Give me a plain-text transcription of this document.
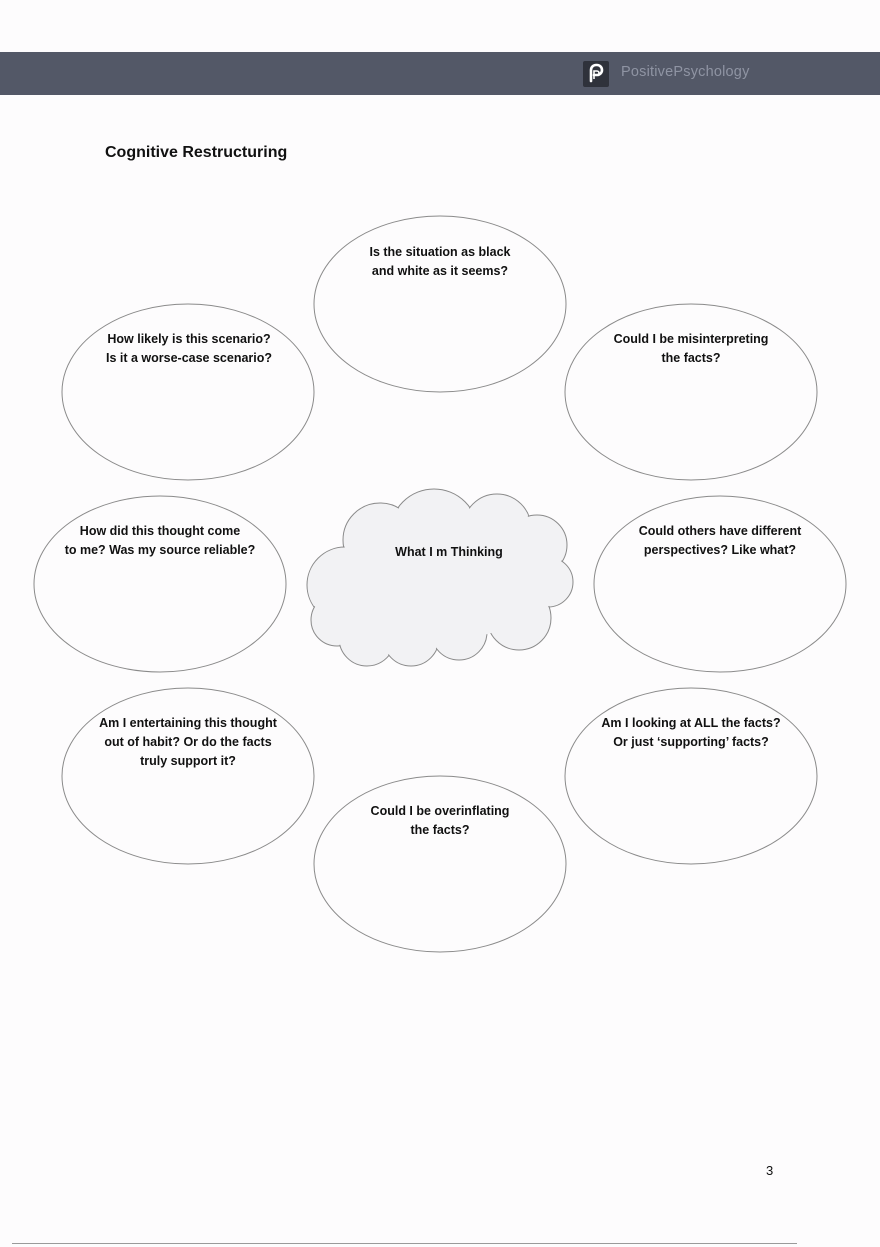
PositivePsychology
Cognitive Restructuring
What I m Thinking
Is the situation as black
and white as it seems?
How likely is this scenario?
Is it a worse-case scenario?
Could I be misinterpreting
the facts?
How did this thought come
to me? Was my source reliable?
Could others have different
perspectives? Like what?
Am I entertaining this thought
out of habit? Or do the facts
truly support it?
Am I looking at ALL the facts?
Or just ‘supporting’ facts?
Could I be overinflating
the facts?
3
